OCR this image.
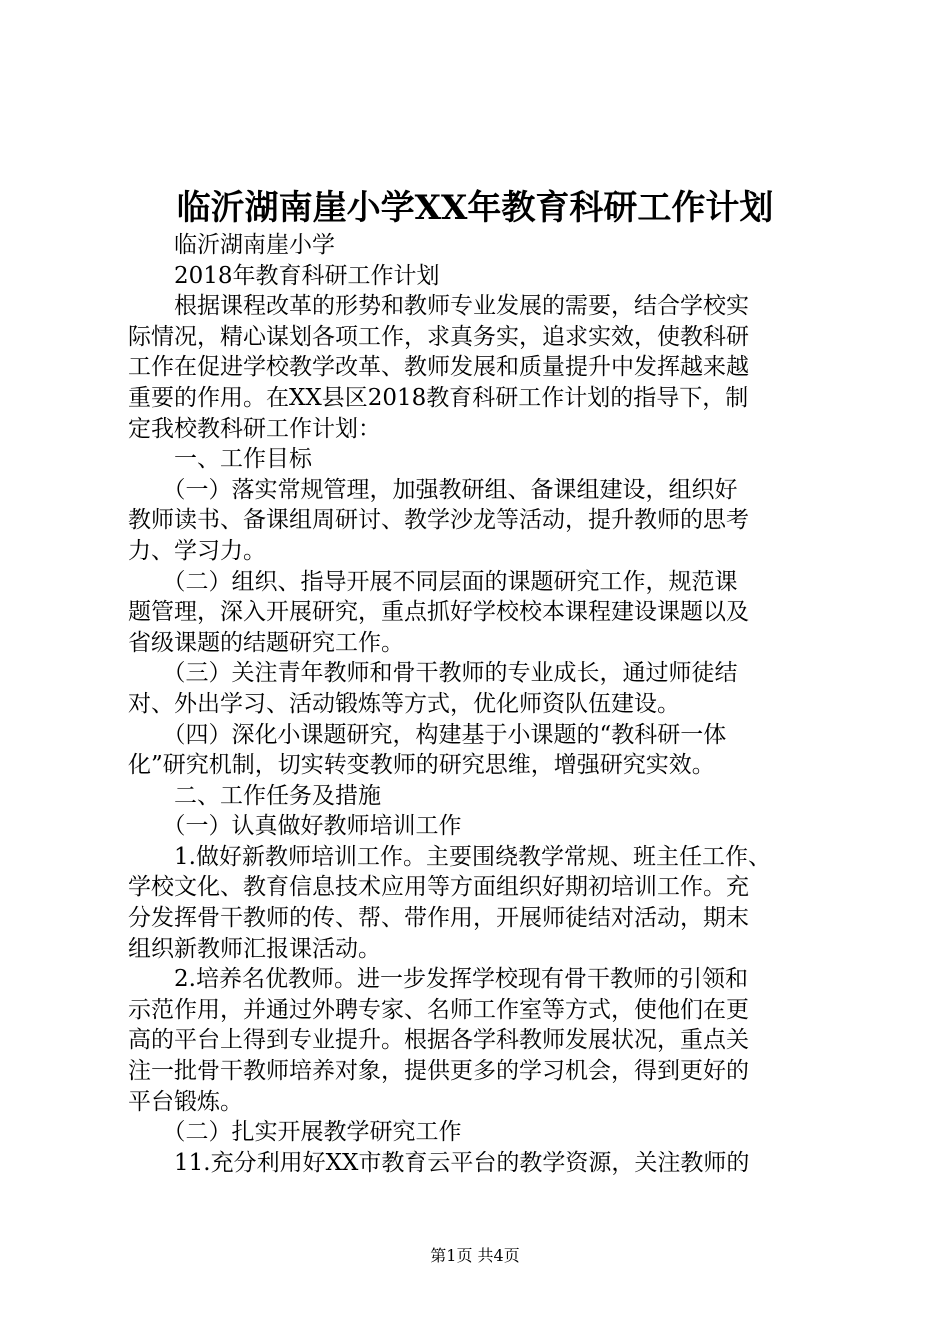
临沂湖南崖小学XX年教育科研工作计划
　　临沂湖南崖小学
　　2018年教育科研工作计划
　　根据课程改革的形势和教师专业发展的需要，结合学校实
际情况，精心谋划各项工作，求真务实，追求实效，使教科研
工作在促进学校教学改革、教师发展和质量提升中发挥越来越
重要的作用。在XX县区2018教育科研工作计划的指导下，制
定我校教科研工作计划：
　　一、工作目标
　　（一）落实常规管理，加强教研组、备课组建设，组织好
教师读书、备课组周研讨、教学沙龙等活动，提升教师的思考
力、学习力。
　　（二）组织、指导开展不同层面的课题研究工作，规范课
题管理，深入开展研究，重点抓好学校校本课程建设课题以及
省级课题的结题研究工作。
　　（三）关注青年教师和骨干教师的专业成长，通过师徒结
对、外出学习、活动锻炼等方式，优化师资队伍建设。
　　（四）深化小课题研究，构建基于小课题的“教科研一体
化”研究机制，切实转变教师的研究思维，增强研究实效。
　　二、工作任务及措施
　　（一）认真做好教师培训工作
　　1.做好新教师培训工作。主要围绕教学常规、班主任工作、
学校文化、教育信息技术应用等方面组织好期初培训工作。充
分发挥骨干教师的传、帮、带作用，开展师徒结对活动，期末
组织新教师汇报课活动。
　　2.培养名优教师。进一步发挥学校现有骨干教师的引领和
示范作用，并通过外聘专家、名师工作室等方式，使他们在更
高的平台上得到专业提升。根据各学科教师发展状况，重点关
注一批骨干教师培养对象，提供更多的学习机会，得到更好的
平台锻炼。
　　（二）扎实开展教学研究工作
　　11.充分利用好XX市教育云平台的教学资源，关注教师的
第1页 共4页
